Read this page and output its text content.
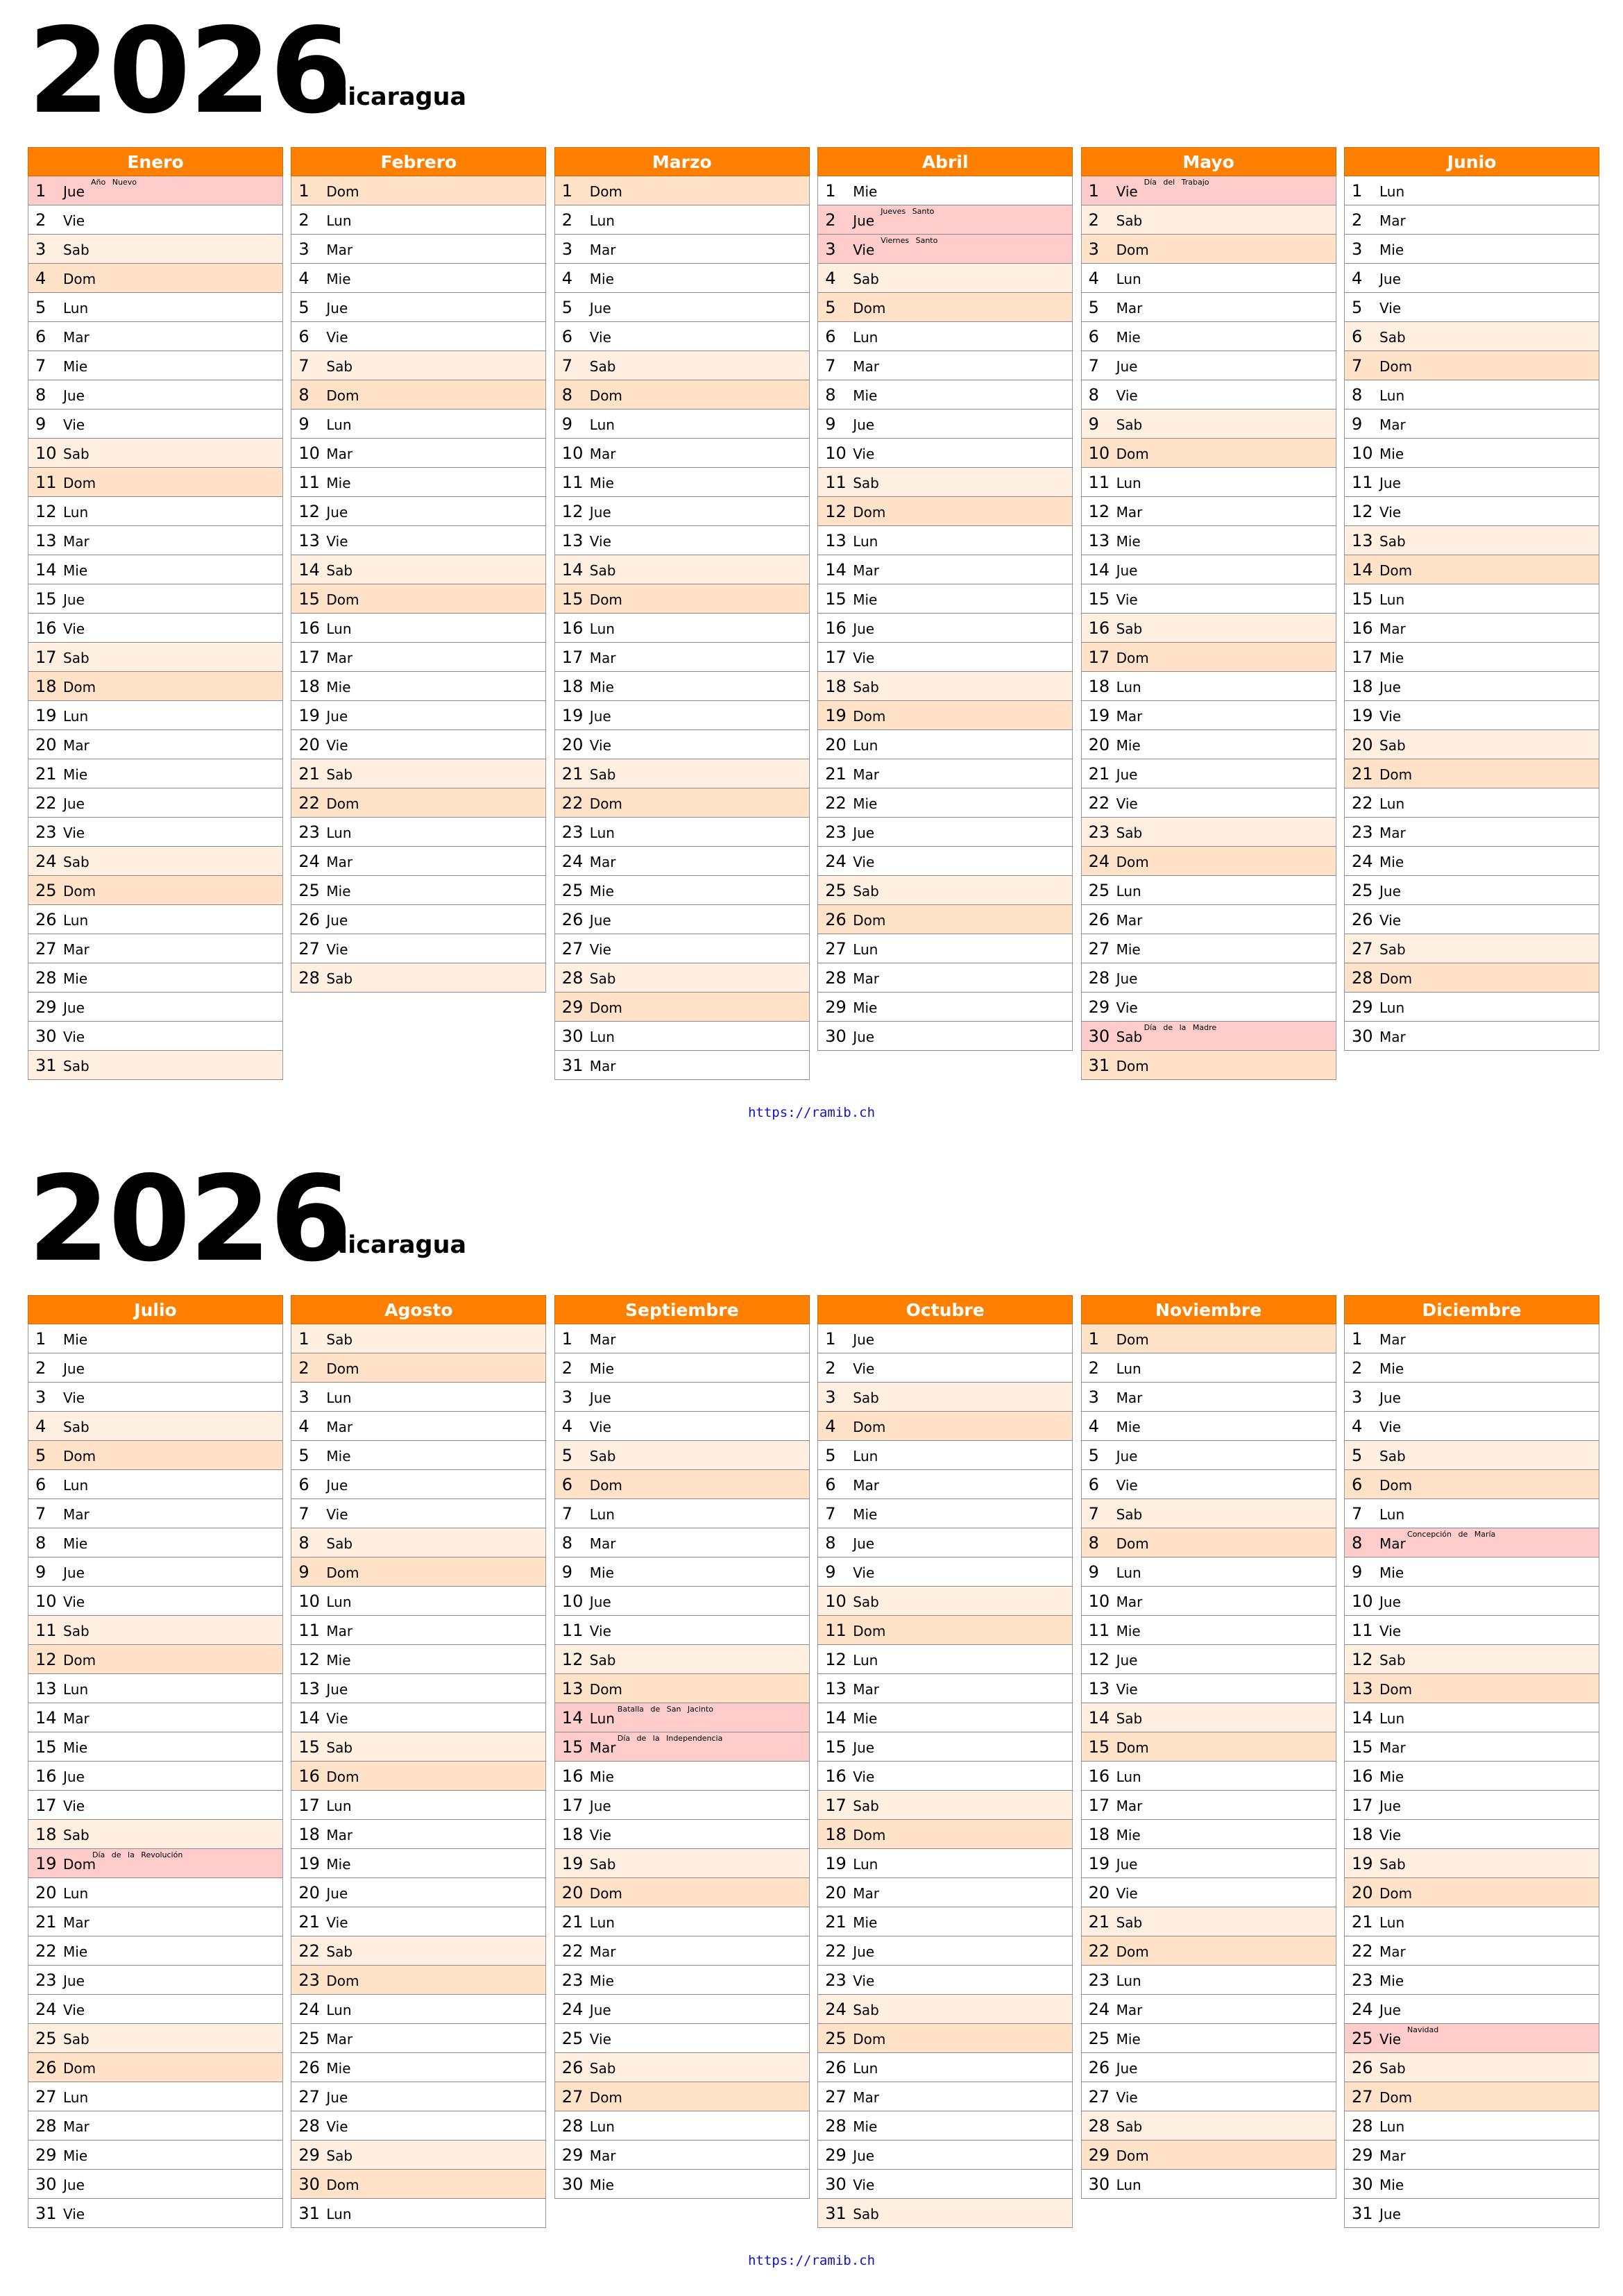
2026
Nicaragua
Enero
1 Jue
Año Nuevo
2 Vie
3 Sab
4 Dom
5 Lun
6 Mar
7 Mie
8 Jue
9 Vie
10 Sab
11 Dom
12 Lun
13 Mar
14 Mie
15 Jue
16 Vie
17 Sab
18 Dom
19 Lun
20 Mar
21 Mie
22 Jue
23 Vie
24 Sab
25 Dom
26 Lun
27 Mar
28 Mie
29 Jue
30 Vie
31 Sab
Febrero
1 Dom
2 Lun
3 Mar
4 Mie
5 Jue
6 Vie
7 Sab
8 Dom
9 Lun
10 Mar
11 Mie
12 Jue
13 Vie
14 Sab
15 Dom
16 Lun
17 Mar
18 Mie
19 Jue
20 Vie
21 Sab
22 Dom
23 Lun
24 Mar
25 Mie
26 Jue
27 Vie
28 Sab
Marzo
1 Dom
2 Lun
3 Mar
4 Mie
5 Jue
6 Vie
7 Sab
8 Dom
9 Lun
10 Mar
11 Mie
12 Jue
13 Vie
14 Sab
15 Dom
16 Lun
17 Mar
18 Mie
19 Jue
20 Vie
21 Sab
22 Dom
23 Lun
24 Mar
25 Mie
26 Jue
27 Vie
28 Sab
29 Dom
30 Lun
31 Mar
Abril
1 Mie
2 Jue
Jueves Santo
3 Vie
Viernes Santo
4 Sab
5 Dom
6 Lun
7 Mar
8 Mie
9 Jue
10 Vie
11 Sab
12 Dom
13 Lun
14 Mar
15 Mie
16 Jue
17 Vie
18 Sab
19 Dom
20 Lun
21 Mar
22 Mie
23 Jue
24 Vie
25 Sab
26 Dom
27 Lun
28 Mar
29 Mie
30 Jue
Mayo
1 Vie
Día del Trabajo
2 Sab
3 Dom
4 Lun
5 Mar
6 Mie
7 Jue
8 Vie
9 Sab
10 Dom
11 Lun
12 Mar
13 Mie
14 Jue
15 Vie
16 Sab
17 Dom
18 Lun
19 Mar
20 Mie
21 Jue
22 Vie
23 Sab
24 Dom
25 Lun
26 Mar
27 Mie
28 Jue
29 Vie
30 Sab
Día de la Madre
31 Dom
Junio
1 Lun
2 Mar
3 Mie
4 Jue
5 Vie
6 Sab
7 Dom
8 Lun
9 Mar
10 Mie
11 Jue
12 Vie
13 Sab
14 Dom
15 Lun
16 Mar
17 Mie
18 Jue
19 Vie
20 Sab
21 Dom
22 Lun
23 Mar
24 Mie
25 Jue
26 Vie
27 Sab
28 Dom
29 Lun
30 Mar
https://ramib.ch
2026
Nicaragua
Julio
1 Mie
2 Jue
3 Vie
4 Sab
5 Dom
6 Lun
7 Mar
8 Mie
9 Jue
10 Vie
11 Sab
12 Dom
13 Lun
14 Mar
15 Mie
16 Jue
17 Vie
18 Sab
19 Dom
Día de la Revolución
20 Lun
21 Mar
22 Mie
23 Jue
24 Vie
25 Sab
26 Dom
27 Lun
28 Mar
29 Mie
30 Jue
31 Vie
Agosto
1 Sab
2 Dom
3 Lun
4 Mar
5 Mie
6 Jue
7 Vie
8 Sab
9 Dom
10 Lun
11 Mar
12 Mie
13 Jue
14 Vie
15 Sab
16 Dom
17 Lun
18 Mar
19 Mie
20 Jue
21 Vie
22 Sab
23 Dom
24 Lun
25 Mar
26 Mie
27 Jue
28 Vie
29 Sab
30 Dom
31 Lun
Septiembre
1 Mar
2 Mie
3 Jue
4 Vie
5 Sab
6 Dom
7 Lun
8 Mar
9 Mie
10 Jue
11 Vie
12 Sab
13 Dom
14 Lun
Batalla de San Jacinto
15 Mar
Día de la Independencia
16 Mie
17 Jue
18 Vie
19 Sab
20 Dom
21 Lun
22 Mar
23 Mie
24 Jue
25 Vie
26 Sab
27 Dom
28 Lun
29 Mar
30 Mie
Octubre
1 Jue
2 Vie
3 Sab
4 Dom
5 Lun
6 Mar
7 Mie
8 Jue
9 Vie
10 Sab
11 Dom
12 Lun
13 Mar
14 Mie
15 Jue
16 Vie
17 Sab
18 Dom
19 Lun
20 Mar
21 Mie
22 Jue
23 Vie
24 Sab
25 Dom
26 Lun
27 Mar
28 Mie
29 Jue
30 Vie
31 Sab
Noviembre
1 Dom
2 Lun
3 Mar
4 Mie
5 Jue
6 Vie
7 Sab
8 Dom
9 Lun
10 Mar
11 Mie
12 Jue
13 Vie
14 Sab
15 Dom
16 Lun
17 Mar
18 Mie
19 Jue
20 Vie
21 Sab
22 Dom
23 Lun
24 Mar
25 Mie
26 Jue
27 Vie
28 Sab
29 Dom
30 Lun
Diciembre
1 Mar
2 Mie
3 Jue
4 Vie
5 Sab
6 Dom
7 Lun
8 Mar
Concepción de María
9 Mie
10 Jue
11 Vie
12 Sab
13 Dom
14 Lun
15 Mar
16 Mie
17 Jue
18 Vie
19 Sab
20 Dom
21 Lun
22 Mar
23 Mie
24 Jue
25 Vie
Navidad
26 Sab
27 Dom
28 Lun
29 Mar
30 Mie
31 Jue
https://ramib.ch
